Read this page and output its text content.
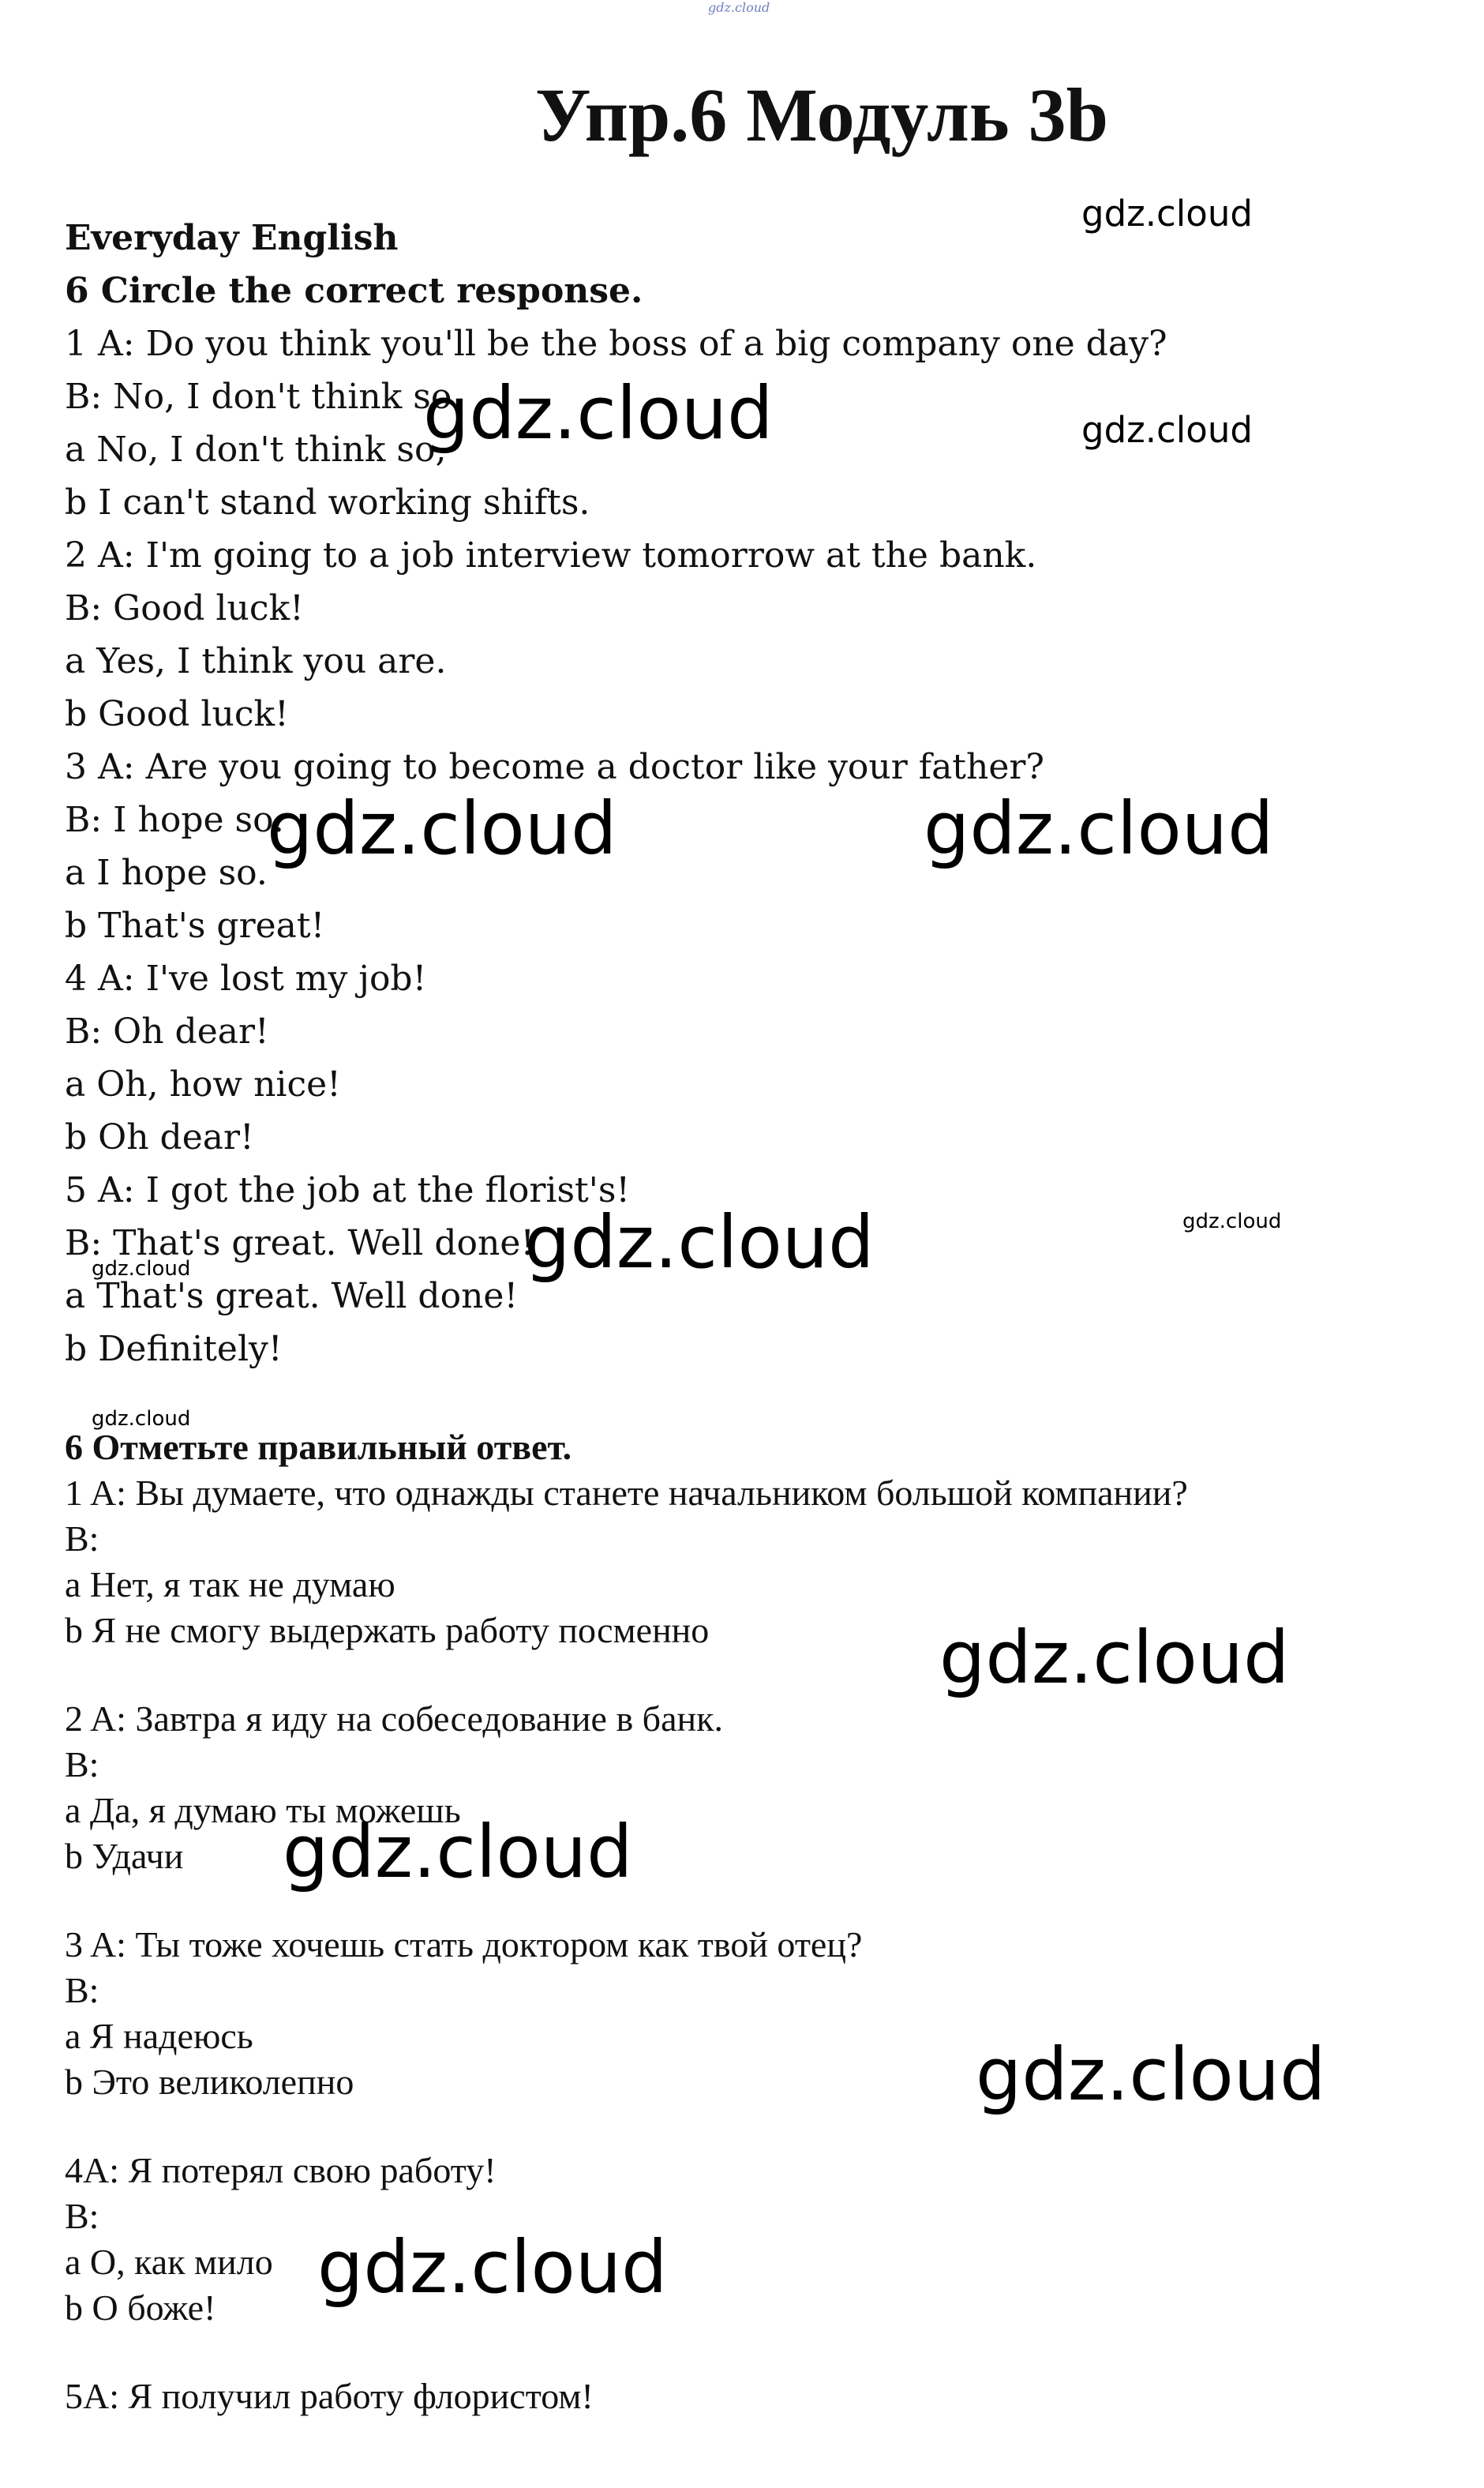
gdz.cloud
Упр.6 Модуль 3b
Everyday English
6 Circle the correct response.
1 A: Do you think you'll be the boss of a big company one day?
B: No, I don't think so
a No, I don't think so,
b I can't stand working shifts.
2 A: I'm going to a job interview tomorrow at the bank.
B: Good luck!
a Yes, I think you are.
b Good luck!
3 A: Are you going to become a doctor like your father?
B: I hope so.
a I hope so.
b That's great!
4 A: I've lost my job!
B: Oh dear!
a Oh, how nice!
b Oh dear!
5 A: I got the job at the florist's!
B: That's great. Well done!
a That's great. Well done!
b Definitely!
6 Отметьте правильный ответ.
1 A: Вы думаете, что однажды станете начальником большой компании?
B:
a Нет, я так не думаю
b Я не смогу выдержать работу посменно
2 A: Завтра я иду на собеседование в банк.
B:
a Да, я думаю ты можешь
b Удачи
3 A: Ты тоже хочешь стать доктором как твой отец?
B:
a Я надеюсь
b Это великолепно
4A: Я потерял свою работу!
B:
a О, как мило
b О боже!
5A: Я получил работу флористом!
gdz.cloud
gdz.cloud	gdz.cloud
gdz.cloud	gdz.cloud
gdz.cloud
gdz.cloud
gdz.cloud
gdz.cloud
gdz.cloud
gdz.cloud
gdz.cloud
gdz.cloud
